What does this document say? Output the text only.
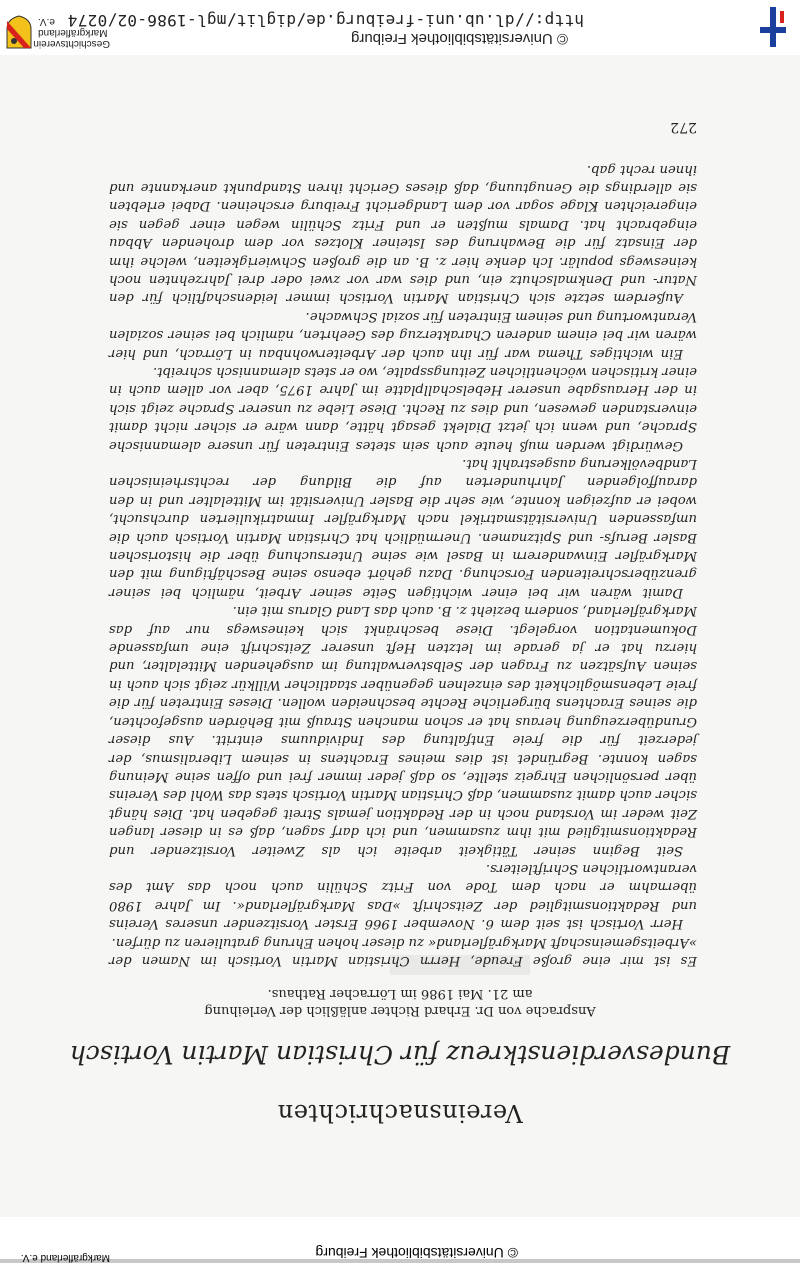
© Universitätsbibliothek Freiburg
Markgräflerland e.V.
Vereinsnachrichten
Bundesverdienstkreuz für Christian Martin Vortisch
Ansprache von Dr. Erhard Richter anläßlich der Verleihung
am 21. Mai 1986 im Lörracher Rathaus.

Es ist mir eine große Freude, Herrn Christian Martin Vortisch im Namen der »Arbeitsgemeinschaft Markgräflerland« zu dieser hohen Ehrung gratulieren zu dürfen.

Herr Vortisch ist seit dem 6. November 1966 Erster Vorsitzender unseres Vereins und Redaktionsmitglied der Zeitschrift »Das Markgräflerland«. Im Jahre 1980 übernahm er nach dem Tode von Fritz Schülin auch noch das Amt des verantwortlichen Schriftleiters.

Seit Beginn seiner Tätigkeit arbeite ich als Zweiter Vorsitzender und Redaktionsmitglied mit ihm zusammen, und ich darf sagen, daß es in dieser langen Zeit weder im Vorstand noch in der Redaktion jemals Streit gegeben hat. Dies hängt sicher auch damit zusammen, daß Christian Martin Vortisch stets das Wohl des Vereins über persönlichen Ehrgeiz stellte, so daß jeder immer frei und offen seine Meinung sagen konnte. Begründet ist dies meines Erachtens in seinem Liberalismus, der jederzeit für die freie Entfaltung des Individuums eintritt. Aus dieser Grundüberzeugung heraus hat er schon manchen Strauß mit Behörden ausgefochten, die seines Erachtens bürgerliche Rechte beschneiden wollen. Dieses Eintreten für die freie Lebensmöglichkeit des einzelnen gegenüber staatlicher Willkür zeigt sich auch in seinen Aufsätzen zu Fragen der Selbstverwaltung im ausgehenden Mittelalter, und hierzu hat er ja gerade im letzten Heft unserer Zeitschrift eine umfassende Dokumentation vorgelegt. Diese beschränkt sich keineswegs nur auf das Markgräflerland, sondern bezieht z. B. auch das Land Glarus mit ein.

Damit wären wir bei einer wichtigen Seite seiner Arbeit, nämlich bei seiner grenzüberschreitenden Forschung. Dazu gehört ebenso seine Beschäftigung mit den Markgräfler Einwanderern in Basel wie seine Untersuchung über die historischen Basler Berufs- und Spitznamen. Unermüdlich hat Christian Martin Vortisch auch die umfassenden Universitätsmatrikel nach Markgräfler Immatrikulierten durchsucht, wobei er aufzeigen konnte, wie sehr die Basler Universität im Mittelalter und in den darauffolgenden Jahrhunderten auf die Bildung der rechtsrheinischen Landbevölkerung ausgestrahlt hat.

Gewürdigt werden muß heute auch sein stetes Eintreten für unsere alemannische Sprache, und wenn ich jetzt Dialekt gesagt hätte, dann wäre er sicher nicht damit einverstanden gewesen, und dies zu Recht. Diese Liebe zu unserer Sprache zeigt sich in der Herausgabe unserer Hebelschallplatte im Jahre 1975, aber vor allem auch in einer kritischen wöchentlichen Zeitungsspalte, wo er stets alemannisch schreibt.

Ein wichtiges Thema war für ihn auch der Arbeiterwohnbau in Lörrach, und hier wären wir bei einem anderen Charakterzug des Geehrten, nämlich bei seiner sozialen Verantwortung und seinem Eintreten für sozial Schwache.

Außerdem setzte sich Christian Martin Vortisch immer leidenschaftlich für den Natur- und Denkmalschutz ein, und dies war vor zwei oder drei Jahrzehnten noch keineswegs populär. Ich denke hier z. B. an die großen Schwierigkeiten, welche ihm der Einsatz für die Bewahrung des Isteiner Klotzes vor dem drohenden Abbau eingebracht hat. Damals mußten er und Fritz Schülin wegen einer gegen sie eingereichten Klage sogar vor dem Landgericht Freiburg erscheinen. Dabei erlebten sie allerdings die Genugtuung, daß dieses Gericht ihren Standpunkt anerkannte und ihnen recht gab.

272
© Universitätsbibliothek Freiburg
http://dl.ub.uni-freiburg.de/diglit/mgl-1986-02/0274
Geschichtsverein
Markgräflerland e.V.
